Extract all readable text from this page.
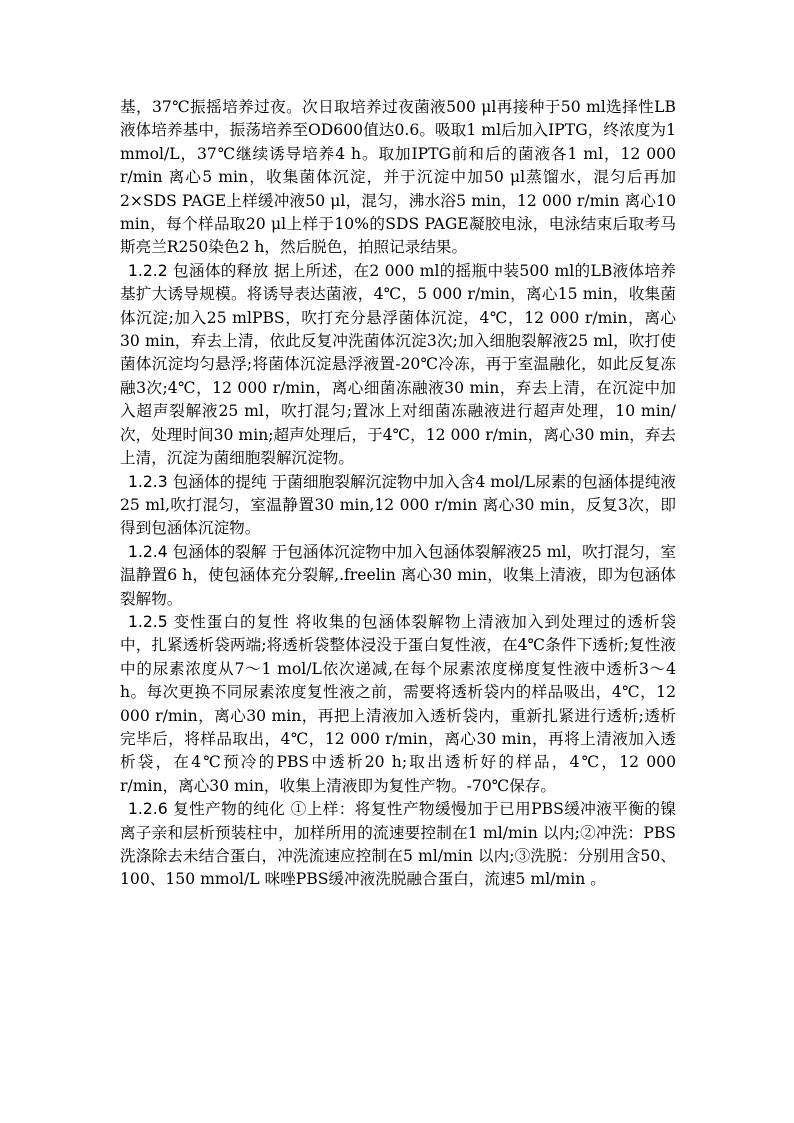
基，37℃振摇培养过夜。次日取培养过夜菌液500 μl再接种于50 ml选择性LB液体培养基中，振荡培养至OD600值达0.6。吸取1 ml后加入IPTG，终浓度为1 mmol/L，37℃继续诱导培养4 h。取加IPTG前和后的菌液各1 ml，12 000 r/min 离心5 min，收集菌体沉淀，并于沉淀中加50 μl蒸馏水，混匀后再加2×SDS PAGE上样缓冲液50 μl，混匀，沸水浴5 min，12 000 r/min 离心10 min，每个样品取20 μl上样于10%的SDS PAGE凝胶电泳，电泳结束后取考马斯亮兰R250染色2 h，然后脱色，拍照记录结果。

1.2.2 包涵体的释放 据上所述，在2 000 ml的摇瓶中装500 ml的LB液体培养基扩大诱导规模。将诱导表达菌液，4℃，5 000 r/min，离心15 min，收集菌体沉淀;加入25 mlPBS，吹打充分悬浮菌体沉淀，4℃，12 000 r/min，离心30 min，弃去上清，依此反复冲洗菌体沉淀3次;加入细胞裂解液25 ml，吹打使菌体沉淀均匀悬浮;将菌体沉淀悬浮液置-20℃冷冻，再于室温融化，如此反复冻融3次;4℃，12 000 r/min，离心细菌冻融液30 min，弃去上清，在沉淀中加入超声裂解液25 ml，吹打混匀;置冰上对细菌冻融液进行超声处理，10 min/次，处理时间30 min;超声处理后，于4℃，12 000 r/min，离心30 min，弃去上清，沉淀为菌细胞裂解沉淀物。

1.2.3 包涵体的提纯 于菌细胞裂解沉淀物中加入含4 mol/L尿素的包涵体提纯液25 ml,吹打混匀，室温静置30 min,12 000 r/min 离心30 min，反复3次，即得到包涵体沉淀物。

1.2.4 包涵体的裂解 于包涵体沉淀物中加入包涵体裂解液25 ml，吹打混匀，室温静置6 h，使包涵体充分裂解,.freelin 离心30 min，收集上清液，即为包涵体裂解物。

1.2.5 变性蛋白的复性 将收集的包涵体裂解物上清液加入到处理过的透析袋中，扎紧透析袋两端;将透析袋整体浸没于蛋白复性液，在4℃条件下透析;复性液中的尿素浓度从7～1 mol/L依次递减,在每个尿素浓度梯度复性液中透析3～4 h。每次更换不同尿素浓度复性液之前，需要将透析袋内的样品吸出，4℃，12 000 r/min，离心30 min，再把上清液加入透析袋内，重新扎紧进行透析;透析完毕后，将样品取出，4℃，12 000 r/min，离心30 min，再将上清液加入透析袋，在4℃预冷的PBS中透析20 h;取出透析好的样品，4℃，12 000 r/min，离心30 min，收集上清液即为复性产物。-70℃保存。

1.2.6 复性产物的纯化 ①上样：将复性产物缓慢加于已用PBS缓冲液平衡的镍离子亲和层析预装柱中，加样所用的流速要控制在1 ml/min 以内;②冲洗：PBS洗涤除去未结合蛋白，冲洗流速应控制在5 ml/min 以内;③洗脱：分别用含50、100、150 mmol/L 咪唑PBS缓冲液洗脱融合蛋白，流速5 ml/min 。
